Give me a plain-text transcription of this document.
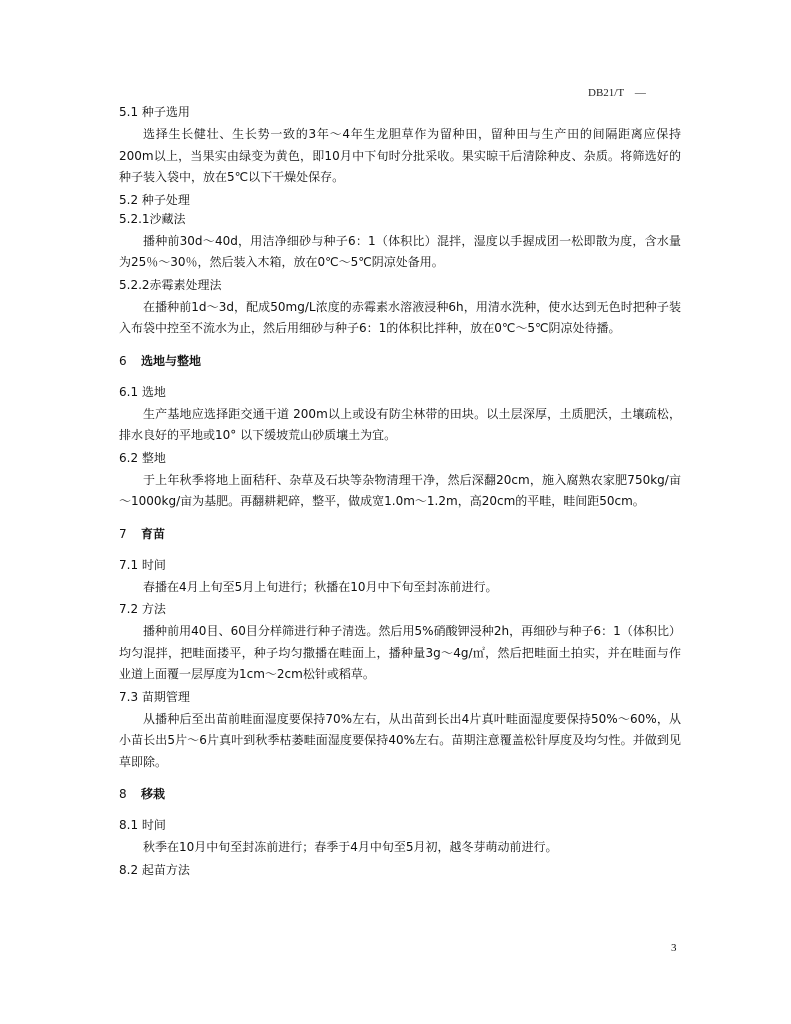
DB21/T    —
5.1 种子选用

选择生长健壮、生长势一致的3年～4年生龙胆草作为留种田，留种田与生产田的间隔距离应保持200m以上，当果实由绿变为黄色，即10月中下旬时分批采收。果实晾干后清除种皮、杂质。将筛选好的种子装入袋中，放在5℃以下干燥处保存。

5.2 种子处理
5.2.1沙藏法

播种前30d～40d，用洁净细砂与种子6：1（体积比）混拌，湿度以手握成团一松即散为度，含水量为25％～30％，然后装入木箱，放在0℃～5℃阴凉处备用。

5.2.2赤霉素处理法

在播种前1d～3d，配成50mg/L浓度的赤霉素水溶液浸种6h，用清水洗种，使水达到无色时把种子装入布袋中控至不流水为止，然后用细砂与种子6：1的体积比拌种，放在0℃～5℃阴凉处待播。

6 选地与整地
6.1 选地

生产基地应选择距交通干道 200m以上或设有防尘林带的田块。以土层深厚，土质肥沃，土壤疏松，排水良好的平地或10° 以下缓坡荒山砂质壤土为宜。

6.2 整地

于上年秋季将地上面秸秆、杂草及石块等杂物清理干净，然后深翻20cm，施入腐熟农家肥750kg/亩～1000kg/亩为基肥。再翻耕耙碎，整平，做成宽1.0m～1.2m，高20cm的平畦，畦间距50cm。

7 育苗
7.1 时间

春播在4月上旬至5月上旬进行；秋播在10月中下旬至封冻前进行。

7.2 方法

播种前用40目、60目分样筛进行种子清选。然后用5%硝酸钾浸种2h，再细砂与种子6：1（体积比）均匀混拌，把畦面搂平，种子均匀撒播在畦面上，播种量3g～4g/㎡，然后把畦面土拍实，并在畦面与作业道上面覆一层厚度为1cm～2cm松针或稻草。

7.3 苗期管理

从播种后至出苗前畦面湿度要保持70%左右，从出苗到长出4片真叶畦面湿度要保持50%～60%，从小苗长出5片～6片真叶到秋季枯萎畦面湿度要保持40%左右。苗期注意覆盖松针厚度及均匀性。并做到见草即除。

8 移栽
8.1 时间

秋季在10月中旬至封冻前进行；春季于4月中旬至5月初，越冬芽萌动前进行。

8.2 起苗方法
3
